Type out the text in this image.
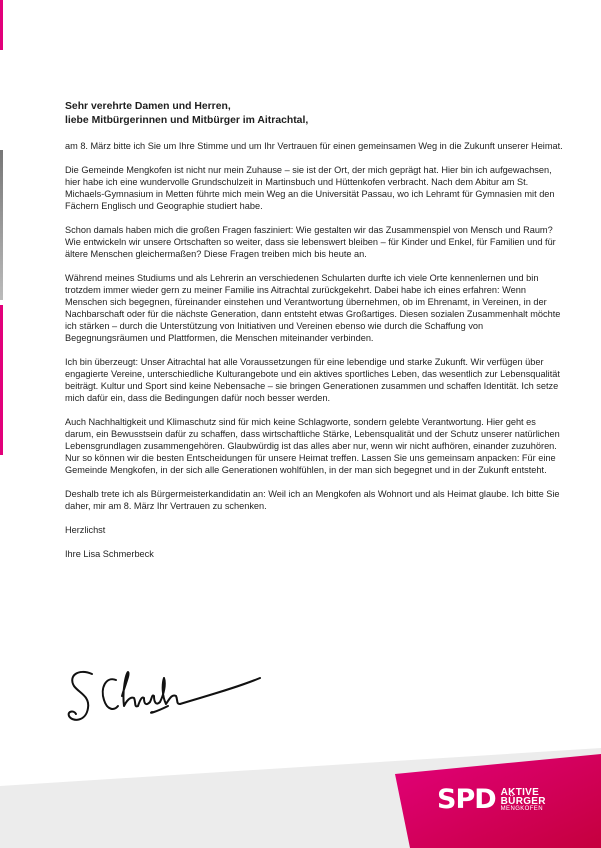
Sehr verehrte Damen und Herren,
liebe Mitbürgerinnen und Mitbürger im Aitrachtal,

am 8. März bitte ich Sie um Ihre Stimme und um Ihr Vertrauen für einen gemeinsamen Weg in die Zukunft unserer Heimat.

Die Gemeinde Mengkofen ist nicht nur mein Zuhause – sie ist der Ort, der mich geprägt hat. Hier bin ich aufgewachsen, hier habe ich eine wundervolle Grundschulzeit in Martinsbuch und Hüttenkofen verbracht. Nach dem Abitur am St. Michaels-Gymnasium in Metten führte mich mein Weg an die Universität Passau, wo ich Lehramt für Gymnasien mit den Fächern Englisch und Geographie studiert habe.

Schon damals haben mich die großen Fragen fasziniert: Wie gestalten wir das Zusammenspiel von Mensch und Raum? Wie entwickeln wir unsere Ortschaften so weiter, dass sie lebenswert bleiben – für Kinder und Enkel, für Familien und für ältere Menschen gleichermaßen? Diese Fragen treiben mich bis heute an.

Während meines Studiums und als Lehrerin an verschiedenen Schularten durfte ich viele Orte kennenlernen und bin trotzdem immer wieder gern zu meiner Familie ins Aitrachtal zurückgekehrt. Dabei habe ich eines erfahren: Wenn Menschen sich begegnen, füreinander einstehen und Verantwortung übernehmen, ob im Ehrenamt, in Vereinen, in der Nachbarschaft oder für die nächste Generation, dann entsteht etwas Großartiges. Diesen sozialen Zusammenhalt möchte ich stärken – durch die Unterstützung von Initiativen und Vereinen ebenso wie durch die Schaffung von Begegnungsräumen und Plattformen, die Menschen miteinander verbinden.

Ich bin überzeugt: Unser Aitrachtal hat alle Voraussetzungen für eine lebendige und starke Zukunft. Wir verfügen über engagierte Vereine, unterschiedliche Kulturangebote und ein aktives sportliches Leben, das wesentlich zur Lebensqualität beiträgt. Kultur und Sport sind keine Nebensache – sie bringen Generationen zusammen und schaffen Identität. Ich setze mich dafür ein, dass die Bedingungen dafür noch besser werden.

Auch Nachhaltigkeit und Klimaschutz sind für mich keine Schlagworte, sondern gelebte Verantwortung. Hier geht es darum, ein Bewusstsein dafür zu schaffen, dass wirtschaftliche Stärke, Lebensqualität und der Schutz unserer natürlichen Lebensgrundlagen zusammengehören. Glaubwürdig ist das alles aber nur, wenn wir nicht aufhören, einander zuzuhören. Nur so können wir die besten Entscheidungen für unsere Heimat treffen. Lassen Sie uns gemeinsam anpacken: Für eine Gemeinde Mengkofen, in der sich alle Generationen wohlfühlen, in der man sich begegnet und in der Zukunft entsteht.

Deshalb trete ich als Bürgermeisterkandidatin an: Weil ich an Mengkofen als Wohnort und als Heimat glaube. Ich bitte Sie daher, mir am 8. März Ihr Vertrauen zu schenken.

Herzlichst

Ihre Lisa Schmerbeck

SPD AKTIVE
BÜRGER
MENGKOFEN
